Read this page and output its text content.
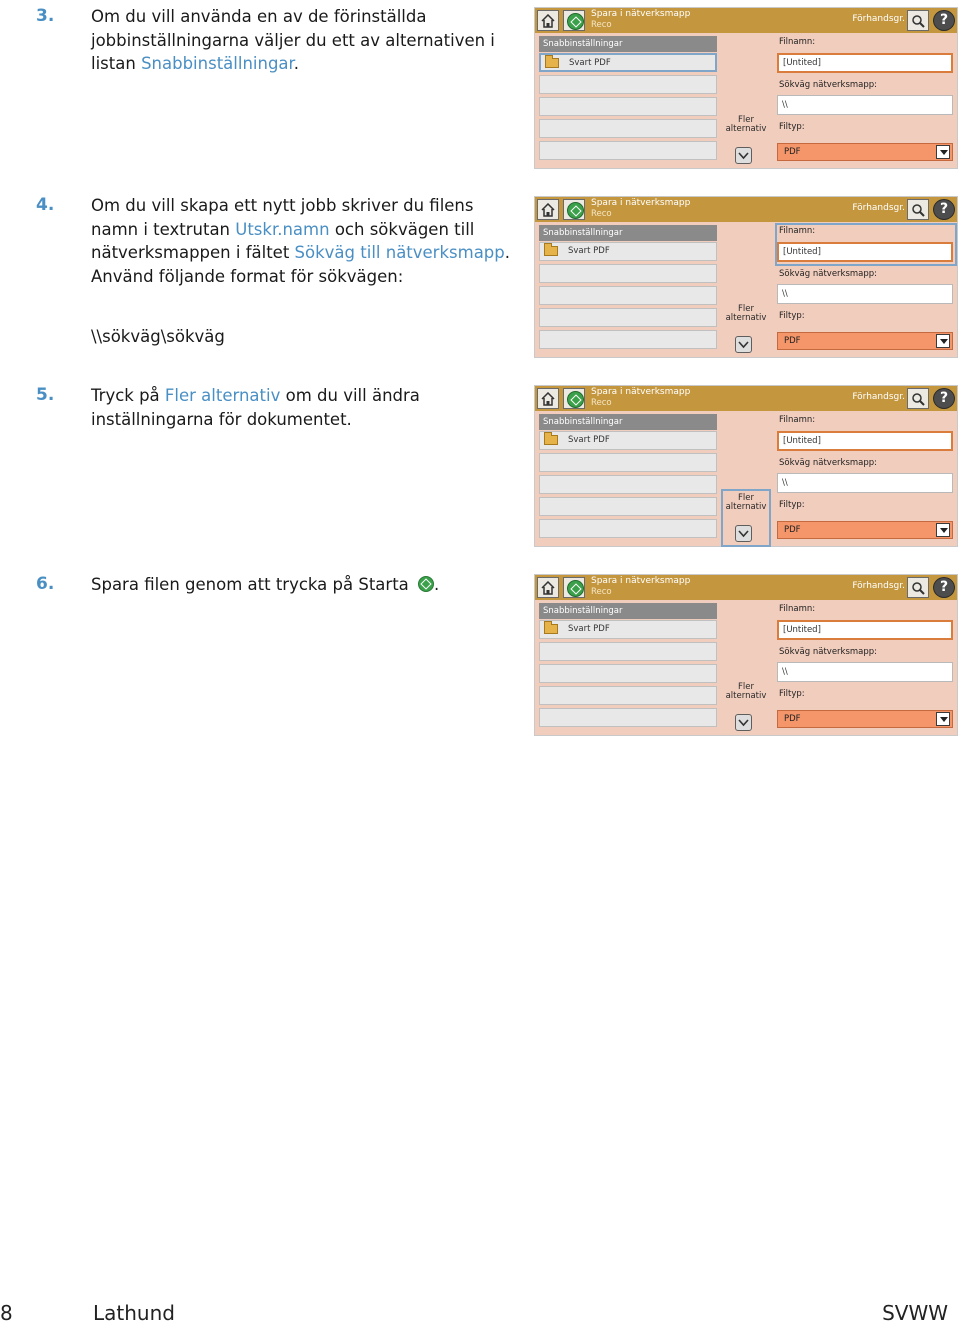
3. Om du vill använda en av de förinställda jobbinställningarna väljer du ett av alternativen i listan Snabbinställningar.
4. Om du vill skapa ett nytt jobb skriver du filens namn i textrutan Utskr.namn och sökvägen till nätverksmappen i fältet Sökväg till nätverksmapp. Använd följande format för sökvägen:
\\sökväg\sökväg
5. Tryck på Fler alternativ om du vill ändra inställningarna för dokumentet.
6. Spara filen genom att trycka på Starta .
Spara i nätverksmapp
Reco
Förhandsgr.	?
Snabbinställningar
Svart PDF
Fler
alternativ
Filnamn:
[Untited]
Sökväg nätverksmapp:
\\
Filtyp:
PDF
Spara i nätverksmapp
Reco
Förhandsgr.	?
Snabbinställningar
Svart PDF
Fler
alternativ
Filnamn:
[Untited]
Sökväg nätverksmapp:
\\
Filtyp:
PDF
Spara i nätverksmapp
Reco
Förhandsgr.	?
Snabbinställningar
Svart PDF
Fler
alternativ
Filnamn:
[Untited]
Sökväg nätverksmapp:
\\
Filtyp:
PDF
Spara i nätverksmapp
Reco
Förhandsgr.	?
Snabbinställningar
Svart PDF
Fler
alternativ
Filnamn:
[Untited]
Sökväg nätverksmapp:
\\
Filtyp:
PDF
8	Lathund	SVWW
